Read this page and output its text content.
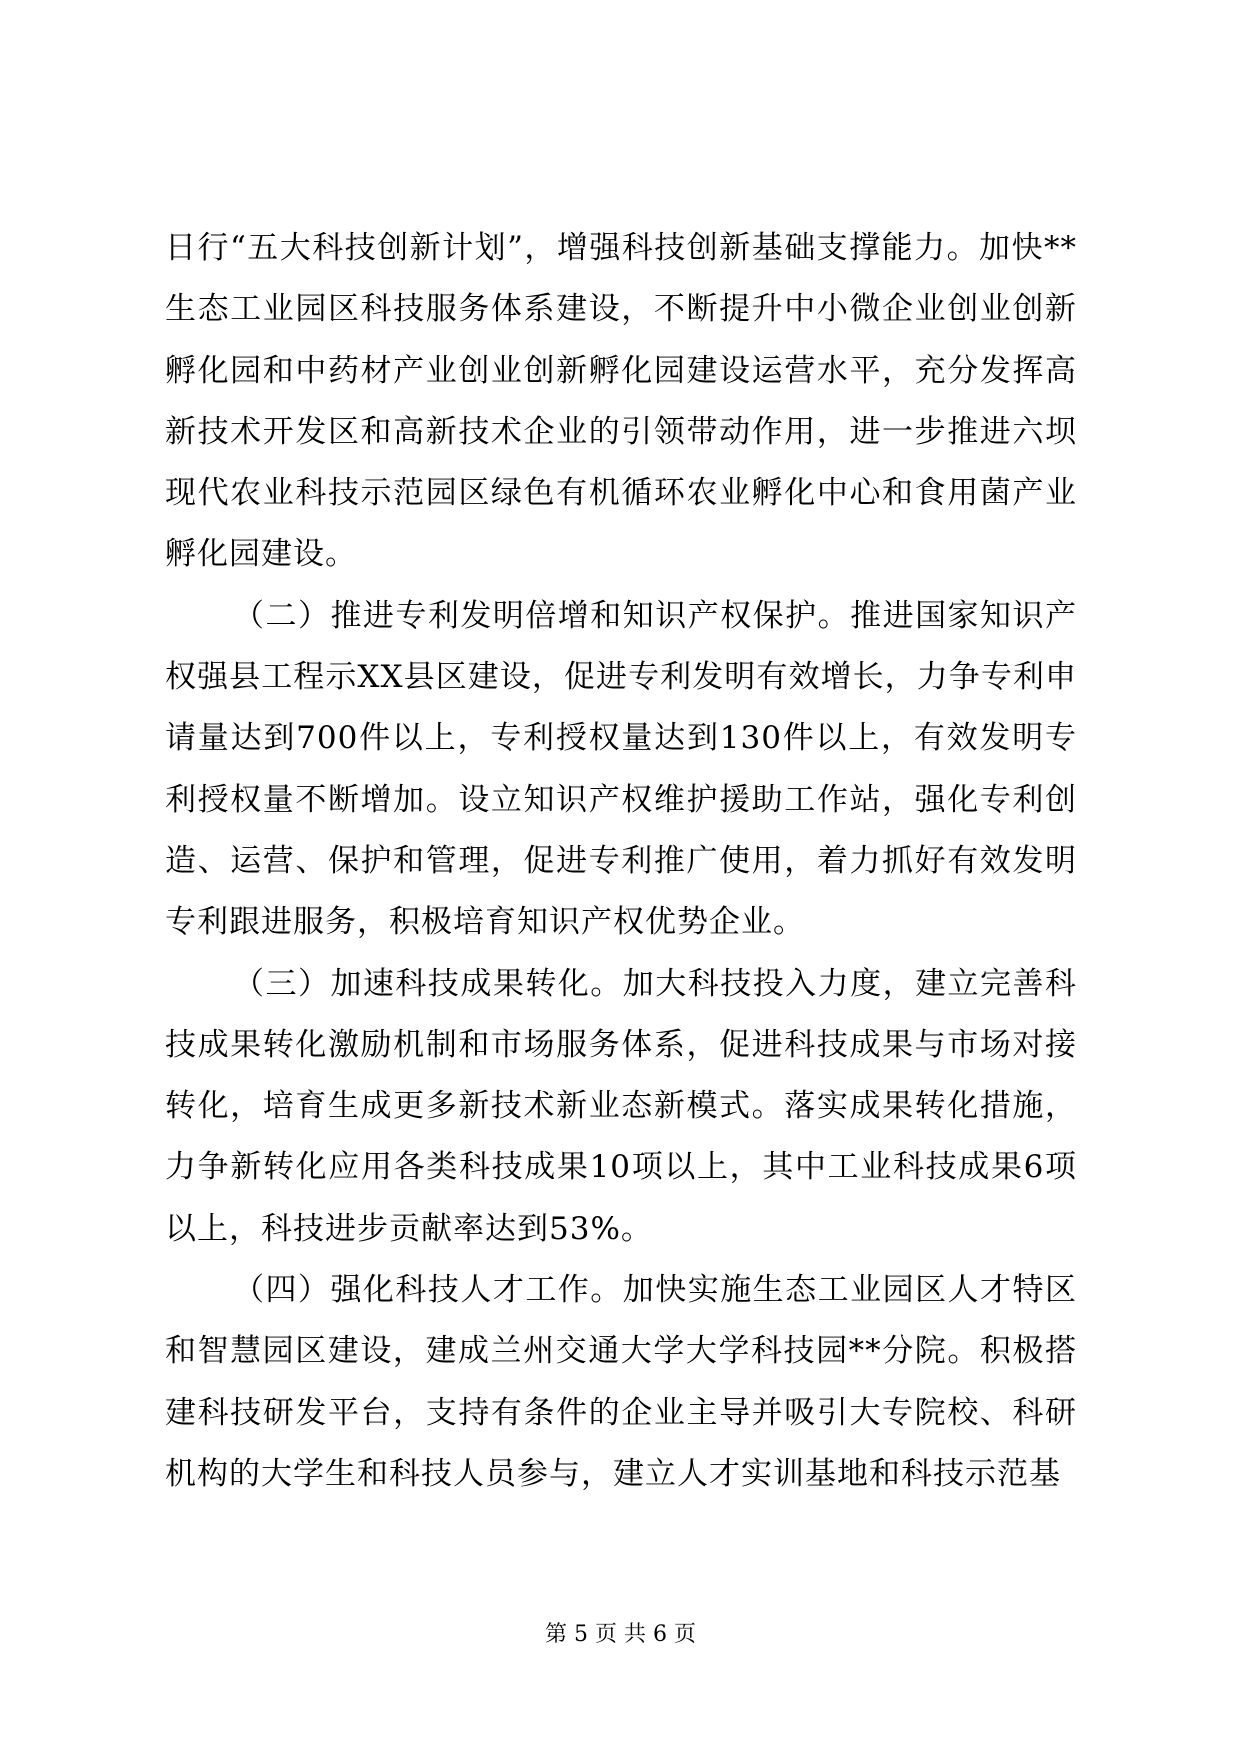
日行“五大科技创新计划”，增强科技创新基础支撑能力。加快**生态工业园区科技服务体系建设，不断提升中小微企业创业创新孵化园和中药材产业创业创新孵化园建设运营水平，充分发挥高新技术开发区和高新技术企业的引领带动作用，进一步推进六坝现代农业科技示范园区绿色有机循环农业孵化中心和食用菌产业孵化园建设。

（二）推进专利发明倍增和知识产权保护。推进国家知识产权强县工程示XX县区建设，促进专利发明有效增长，力争专利申请量达到700件以上，专利授权量达到130件以上，有效发明专利授权量不断增加。设立知识产权维护援助工作站，强化专利创造、运营、保护和管理，促进专利推广使用，着力抓好有效发明专利跟进服务，积极培育知识产权优势企业。

（三）加速科技成果转化。加大科技投入力度，建立完善科技成果转化激励机制和市场服务体系，促进科技成果与市场对接转化，培育生成更多新技术新业态新模式。落实成果转化措施，力争新转化应用各类科技成果10项以上，其中工业科技成果6项以上，科技进步贡献率达到53%。

（四）强化科技人才工作。加快实施生态工业园区人才特区和智慧园区建设，建成兰州交通大学大学科技园**分院。积极搭建科技研发平台，支持有条件的企业主导并吸引大专院校、科研机构的大学生和科技人员参与，建立人才实训基地和科技示范基

第 5 页 共 6 页
